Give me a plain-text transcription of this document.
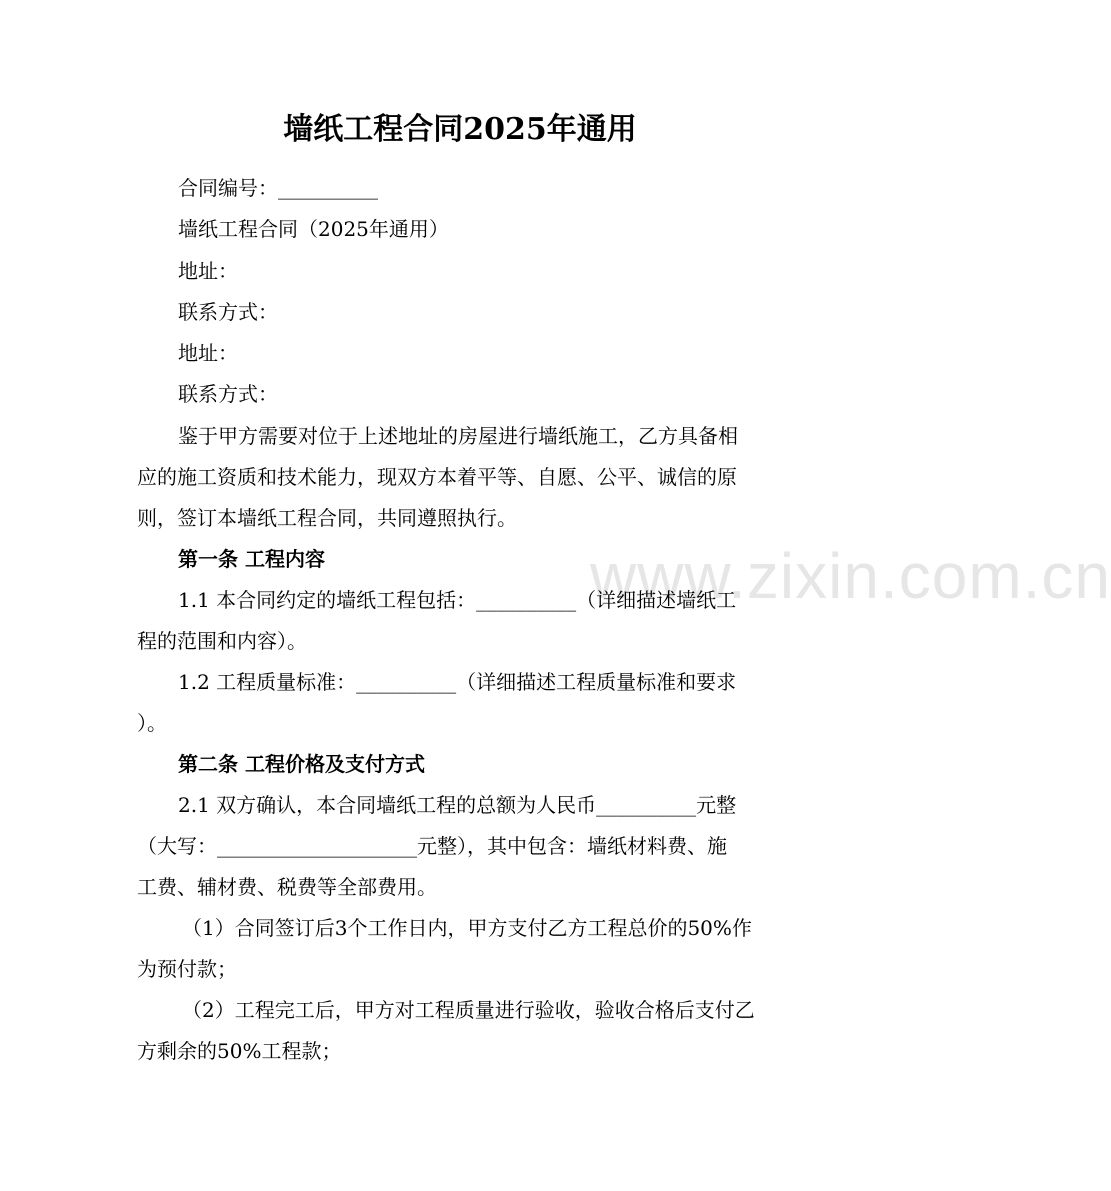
www.zixin.com.cn
墙纸工程合同2025年通用
合同编号：__________
墙纸工程合同（2025年通用）
地址：
联系方式：
地址：
联系方式：
鉴于甲方需要对位于上述地址的房屋进行墙纸施工，乙方具备相
应的施工资质和技术能力，现双方本着平等、自愿、公平、诚信的原
则，签订本墙纸工程合同，共同遵照执行。
第一条 工程内容
1.1 本合同约定的墙纸工程包括：__________（详细描述墙纸工
程的范围和内容）。
1.2 工程质量标准：__________（详细描述工程质量标准和要求
）。
第二条 工程价格及支付方式
2.1 双方确认，本合同墙纸工程的总额为人民币__________元整
（大写：____________________元整），其中包含：墙纸材料费、施
工费、辅材费、税费等全部费用。
（1）合同签订后3个工作日内，甲方支付乙方工程总价的50%作
为预付款；
（2）工程完工后，甲方对工程质量进行验收，验收合格后支付乙
方剩余的50%工程款；
